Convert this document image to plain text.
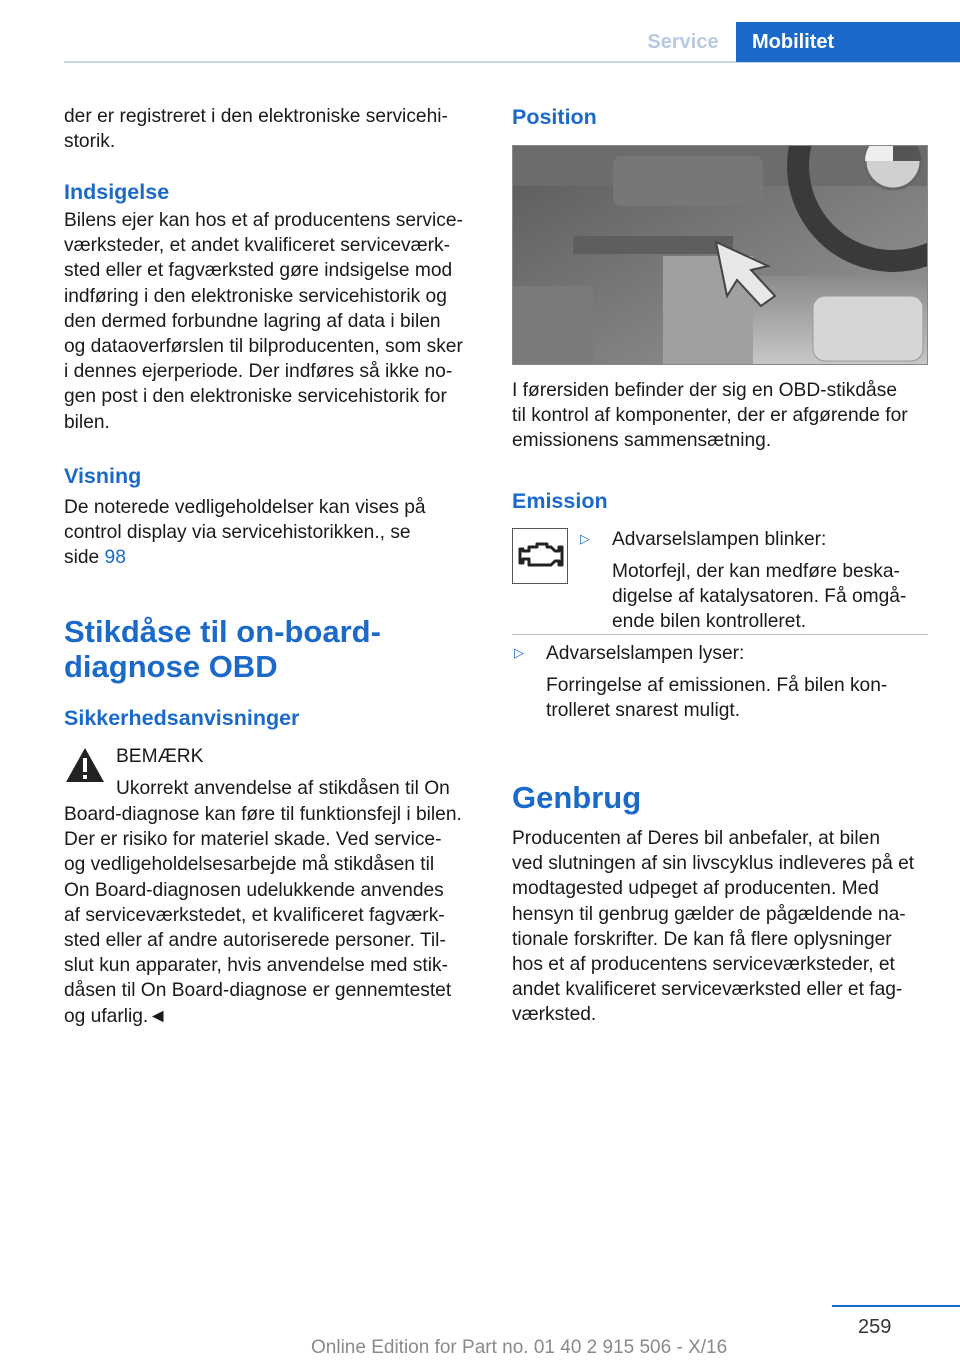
Service	Mobilitet

der er registreret i den elektroniske servicehi-
storik.

Indsigelse

Bilens ejer kan hos et af producentens service-
værksteder, et andet kvalificeret serviceværk-
sted eller et fagværksted gøre indsigelse mod
indføring i den elektroniske servicehistorik og
den dermed forbundne lagring af data i bilen
og dataoverførslen til bilproducenten, som sker
i dennes ejerperiode. Der indføres så ikke no-
gen post i den elektroniske servicehistorik for
bilen.

Visning

De noterede vedligeholdelser kan vises på
control display via servicehistorikken., se
side 98

Stikdåse til on-board-
diagnose OBD
Sikkerhedsanvisninger

BEMÆRK

Ukorrekt anvendelse af stikdåsen til On

Board-diagnose kan føre til funktionsfejl i bilen.
Der er risiko for materiel skade. Ved service-
og vedligeholdelsesarbejde må stikdåsen til
On Board-diagnosen udelukkende anvendes
af serviceværkstedet, et kvalificeret fagværk-
sted eller af andre autoriserede personer. Til-
slut kun apparater, hvis anvendelse med stik-
dåsen til On Board-diagnose er gennemtestet
og ufarlig.◄

Position

I førersiden befinder der sig en OBD-stikdåse
til kontrol af komponenter, der er afgørende for
emissionens sammensætning.

Emission
▷ Advarselslampen blinker:

Motorfejl, der kan medføre beska-
digelse af katalysatoren. Få omgå-
ende bilen kontrolleret.

▷ Advarselslampen lyser:

Forringelse af emissionen. Få bilen kon-
trolleret snarest muligt.

Genbrug

Producenten af Deres bil anbefaler, at bilen
ved slutningen af sin livscyklus indleveres på et
modtagested udpeget af producenten. Med
hensyn til genbrug gælder de pågældende na-
tionale forskrifter. De kan få flere oplysninger
hos et af producentens serviceværksteder, et
andet kvalificeret serviceværksted eller et fag-
værksted.

259
Online Edition for Part no. 01 40 2 915 506 - X/16
